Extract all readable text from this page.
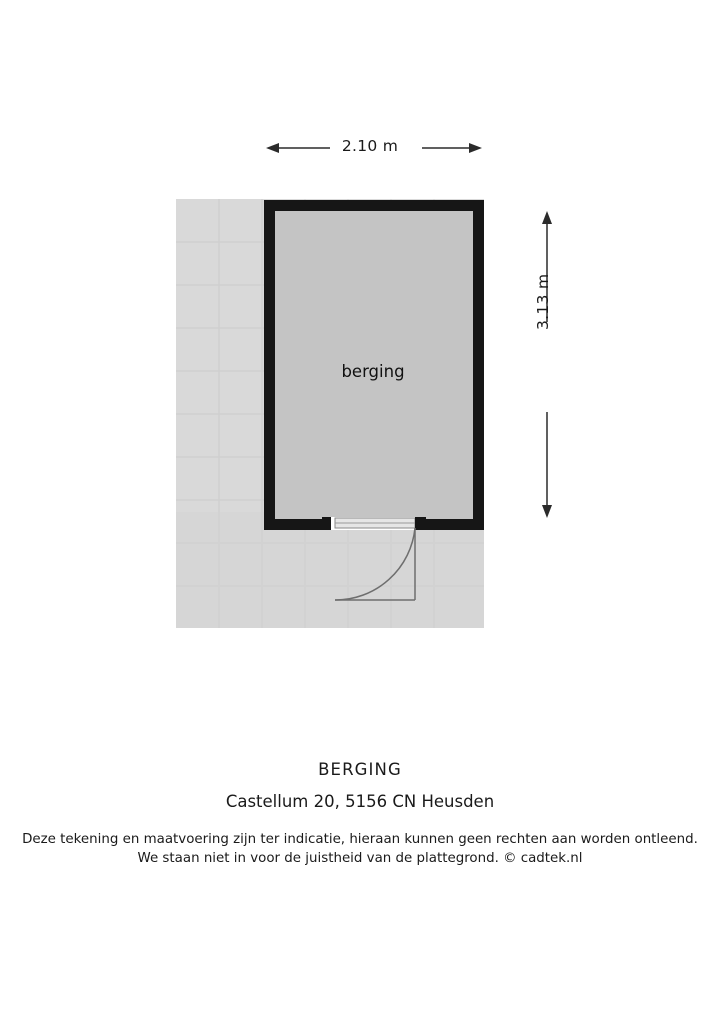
2.10 m
3.13 m
berging
BERGING
Castellum 20, 5156 CN Heusden
Deze tekening en maatvoering zijn ter indicatie, hieraan kunnen geen rechten aan worden ontleend.
We staan niet in voor de juistheid van de plattegrond. © cadtek.nl
